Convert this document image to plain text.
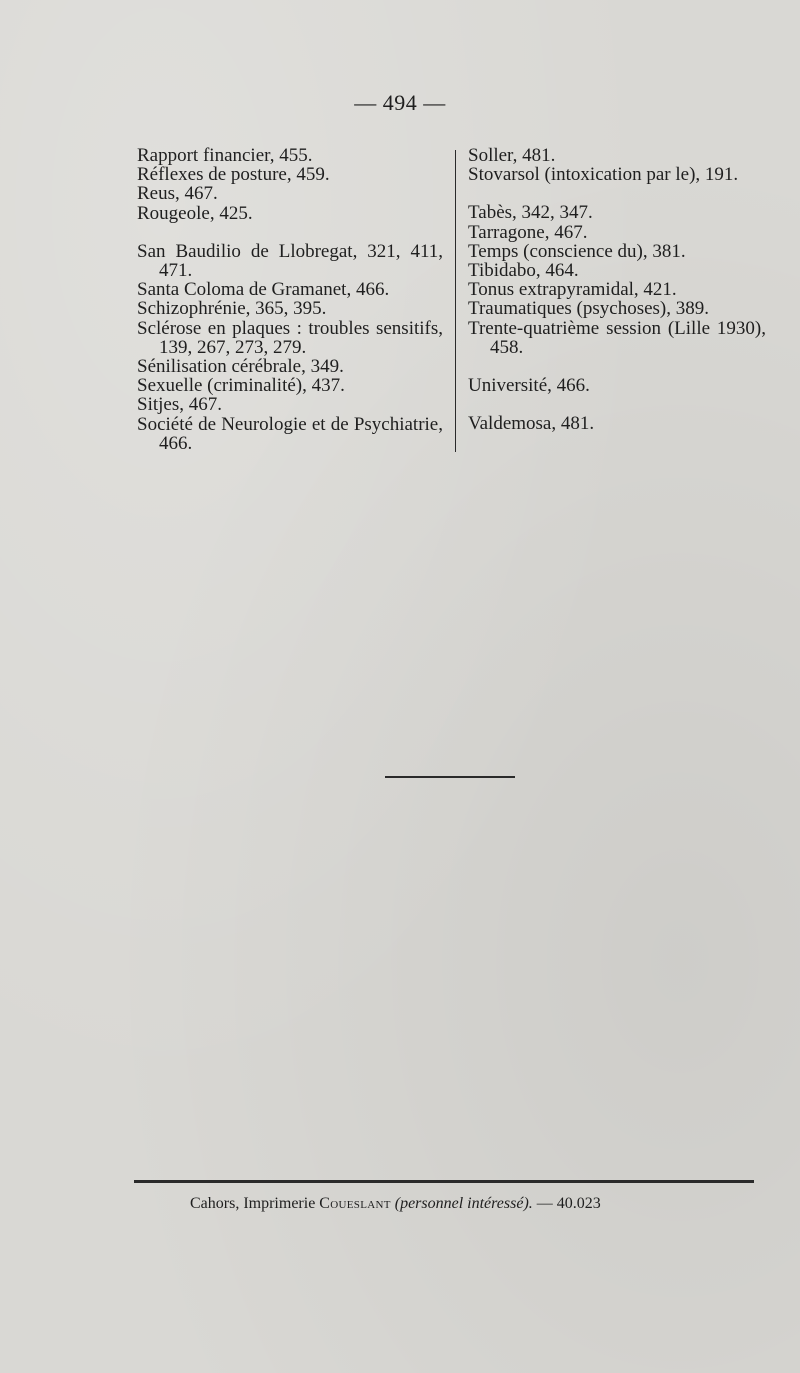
— 494 —

Rapport financier, 455.

Réflexes de posture, 459.

Reus, 467.

Rougeole, 425.

San Baudilio de Llobregat, 321, 411, 471.

Santa Coloma de Gramanet, 466.

Schizophrénie, 365, 395.

Sclérose en plaques : troubles sensitifs, 139, 267, 273, 279.

Sénilisation cérébrale, 349.

Sexuelle (criminalité), 437.

Sitjes, 467.

Société de Neurologie et de Psychiatrie, 466.

Soller, 481.

Stovarsol (intoxication par le), 191.

Tabès, 342, 347.

Tarragone, 467.

Temps (conscience du), 381.

Tibidabo, 464.

Tonus extrapyramidal, 421.

Traumatiques (psychoses), 389.

Trente-quatrième session (Lille 1930), 458.

Université, 466.

Valdemosa, 481.

Cahors, Imprimerie Coueslant (personnel intéressé). — 40.023
